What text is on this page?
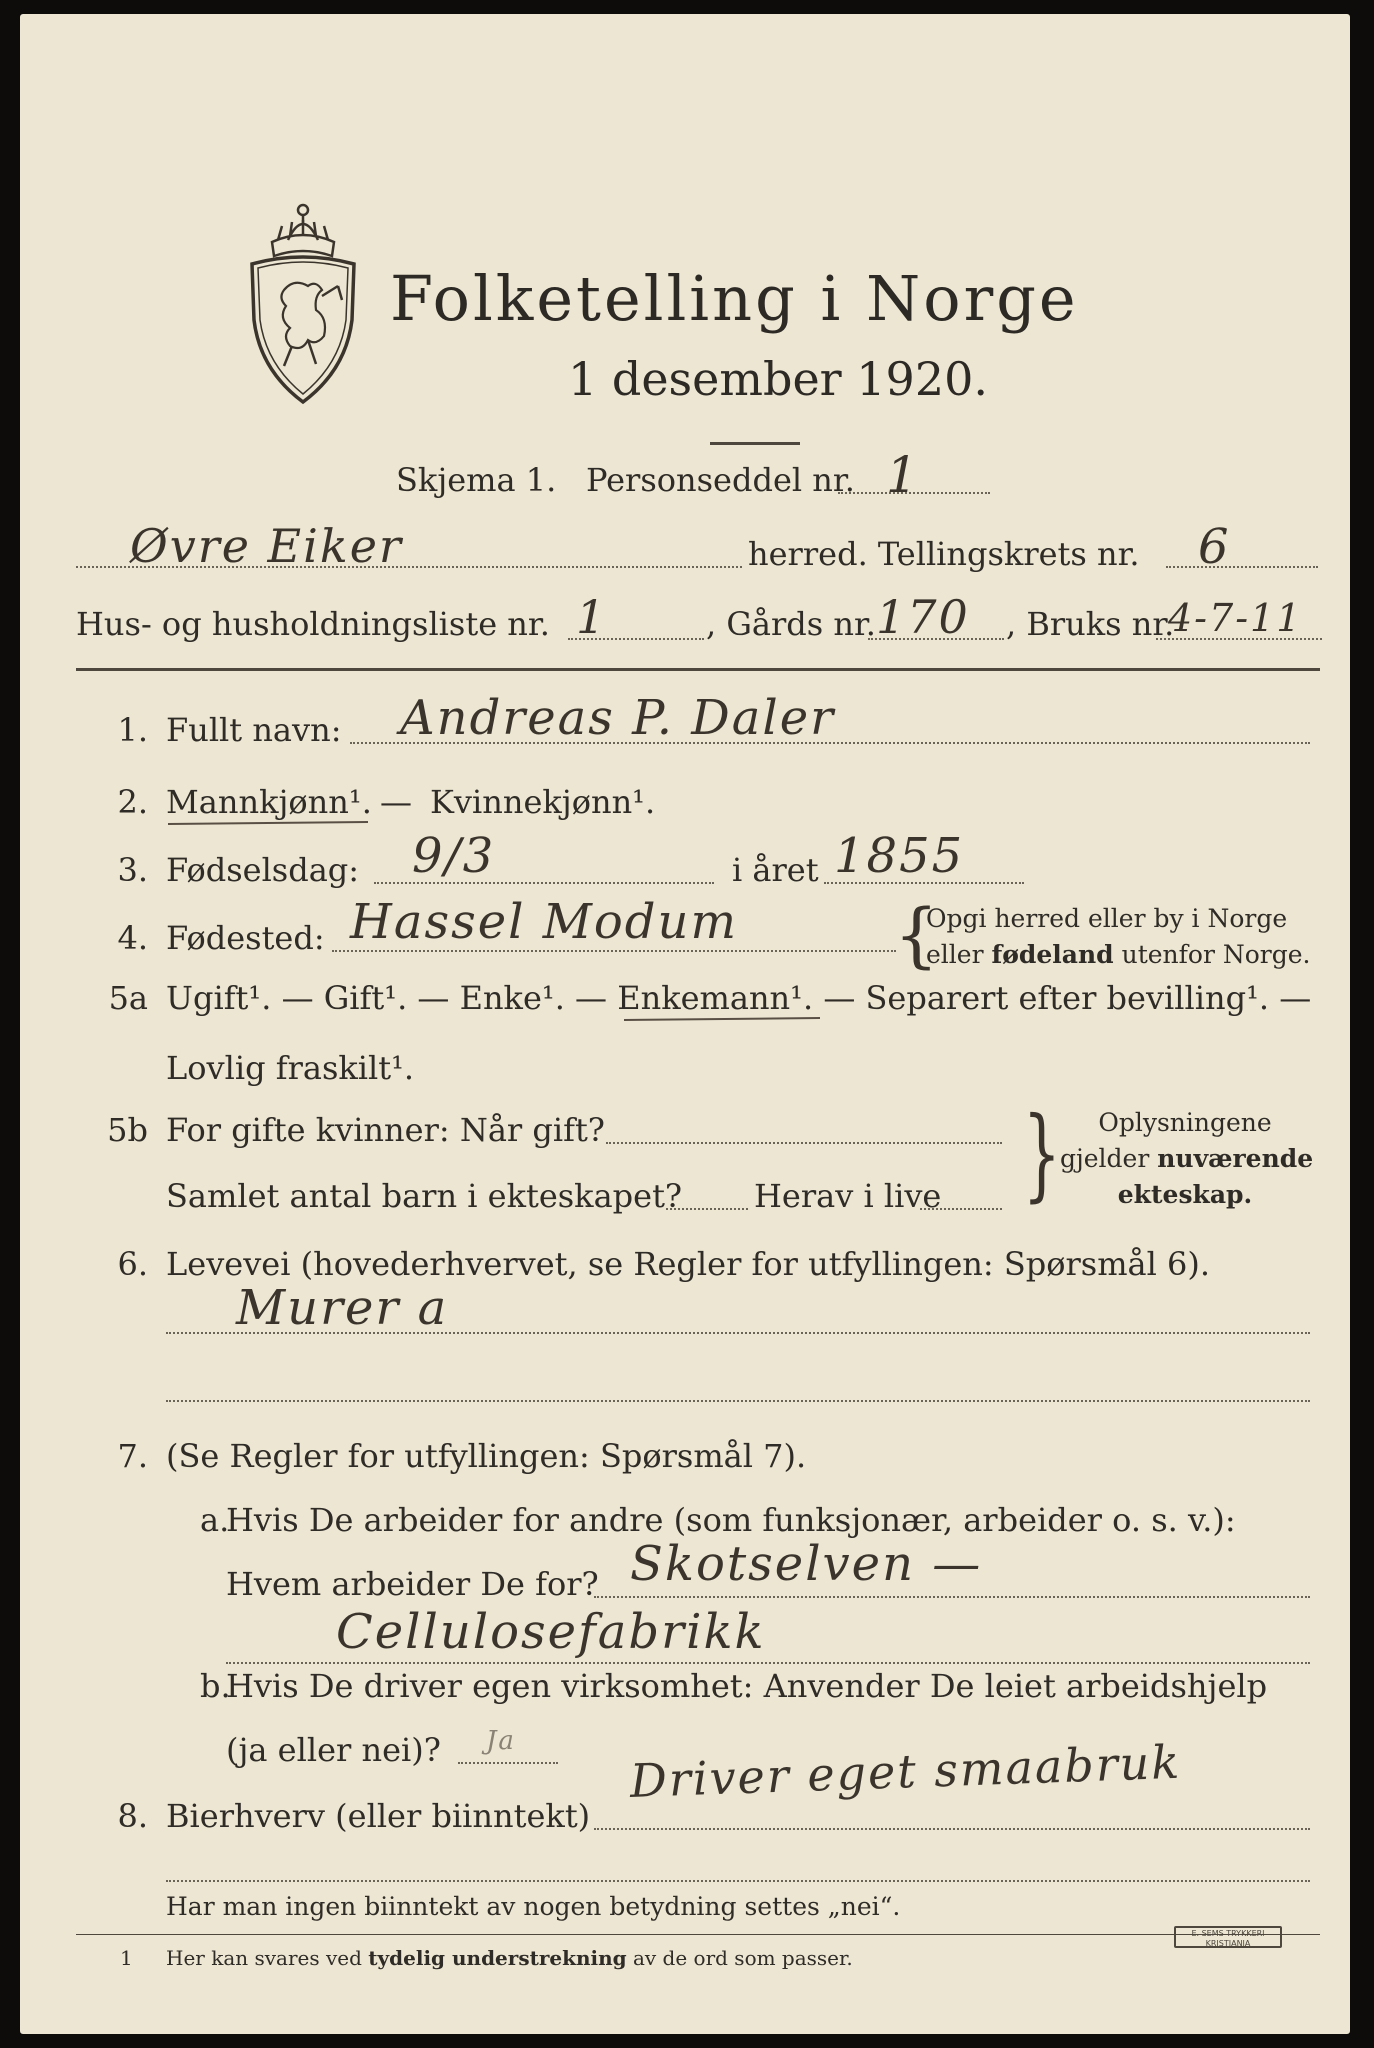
Folketelling i Norge
1 desember 1920.
Skjema 1. Personseddel nr. 1
Øvre Eiker	herred. Tellingskrets nr. 6
Hus- og husholdningsliste nr. 1	, Gårds nr. 170 , Bruks nr.
4-7-11
1. Fullt navn: Andreas P. Daler
2. Mannkjønn¹. — Kvinnekjønn¹.
3. Fødselsdag: 9/3	i året 1855
4. Fødested: Hassel Modum {
Opgi herred eller by i Norge
eller fødeland utenfor Norge.
5a Ugift¹. — Gift¹. — Enke¹. — Enkemann¹. — Separert efter bevilling¹. —
Lovlig fraskilt¹.
5b For gifte kvinner: Når gift?
Samlet antal barn i ekteskapet? Herav i live }	Oplysningene
gjelder nuværende
ekteskap.
6. Levevei (hovederhvervet, se Regler for utfyllingen: Spørsmål 6).
Murer a
7. (Se Regler for utfyllingen: Spørsmål 7).
a.
Hvis De arbeider for andre (som funksjonær, arbeider o. s. v.):
Hvem arbeider De for? Skotselven —
Cellulosefabrikk
b.
Hvis De driver egen virksomhet: Anvender De leiet arbeidshjelp
(ja eller nei)? Ja
8. Bierhverv (eller biinntekt)
Driver eget smaabruk
Har man ingen biinntekt av nogen betydning settes „nei“.
1 Her kan svares ved tydelig understrekning av de ord som passer.
E. SEMS TRYKKERI
KRISTIANIA
